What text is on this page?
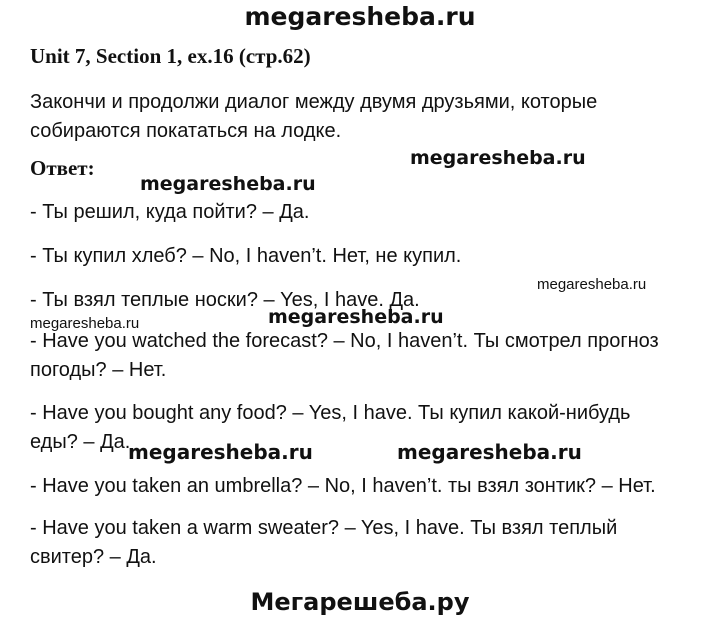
megaresheba.ru
Unit 7, Section 1, ex.16 (стр.62)
Закончи и продолжи диалог между двумя друзьями, которые
собираются покататься на лодке.
Ответ:
- Ты решил, куда пойти? – Да.
- Ты купил хлеб? – No, I haven’t. Нет, не купил.
- Ты взял теплые носки? – Yes, I have. Да.
- Have you watched the forecast? – No, I haven’t. Ты смотрел прогноз
погоды? – Нет.
- Have you bought any food? – Yes, I have. Ты купил какой-нибудь
еды? – Да.
- Have you taken an umbrella? – No, I haven’t. ты взял зонтик? – Нет.
- Have you taken a warm sweater? – Yes, I have. Ты взял теплый
свитер? – Да.
megaresheba.ru
megaresheba.ru
megaresheba.ru
megaresheba.ru	megaresheba.ru
megaresheba.ru	megaresheba.ru
Мегарешеба.ру
